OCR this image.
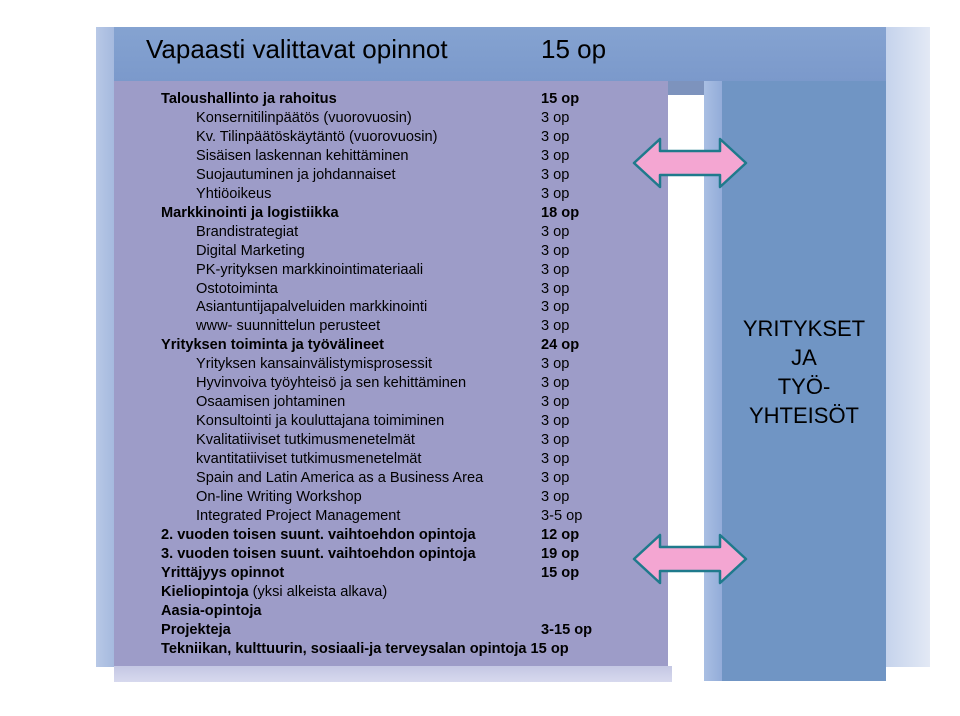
Vapaasti valittavat opinnot	15 op
YRITYKSET
JA
TYÖ-
YHTEISÖT
Taloushallinto ja rahoitus	15 op
Konsernitilinpäätös (vuorovuosin)	3 op
Kv. Tilinpäätöskäytäntö (vuorovuosin)	3 op
Sisäisen laskennan kehittäminen	3 op
Suojautuminen ja johdannaiset	3 op
Yhtiöoikeus	3 op
Markkinointi ja logistiikka	18 op
Brandistrategiat	3 op
Digital Marketing	3 op
PK-yrityksen markkinointimateriaali	3 op
Ostotoiminta	3 op
Asiantuntijapalveluiden markkinointi	3 op
www- suunnittelun perusteet	3 op
Yrityksen toiminta ja työvälineet	24 op
Yrityksen kansainvälistymisprosessit	3 op
Hyvinvoiva työyhteisö ja sen kehittäminen	3 op
Osaamisen johtaminen	3 op
Konsultointi ja kouluttajana toimiminen	3 op
Kvalitatiiviset tutkimusmenetelmät	3 op
kvantitatiiviset tutkimusmenetelmät	3 op
Spain and Latin America as a Business Area	3 op
On-line Writing Workshop	3 op
Integrated Project Management	3-5 op
2. vuoden toisen suunt. vaihtoehdon opintoja	12 op
3. vuoden toisen suunt. vaihtoehdon opintoja	19 op
Yrittäjyys opinnot	15 op
Kieliopintoja (yksi alkeista alkava)
Aasia-opintoja
Projekteja	3-15 op
Tekniikan, kulttuurin, sosiaali-ja terveysalan opintoja 15 op
